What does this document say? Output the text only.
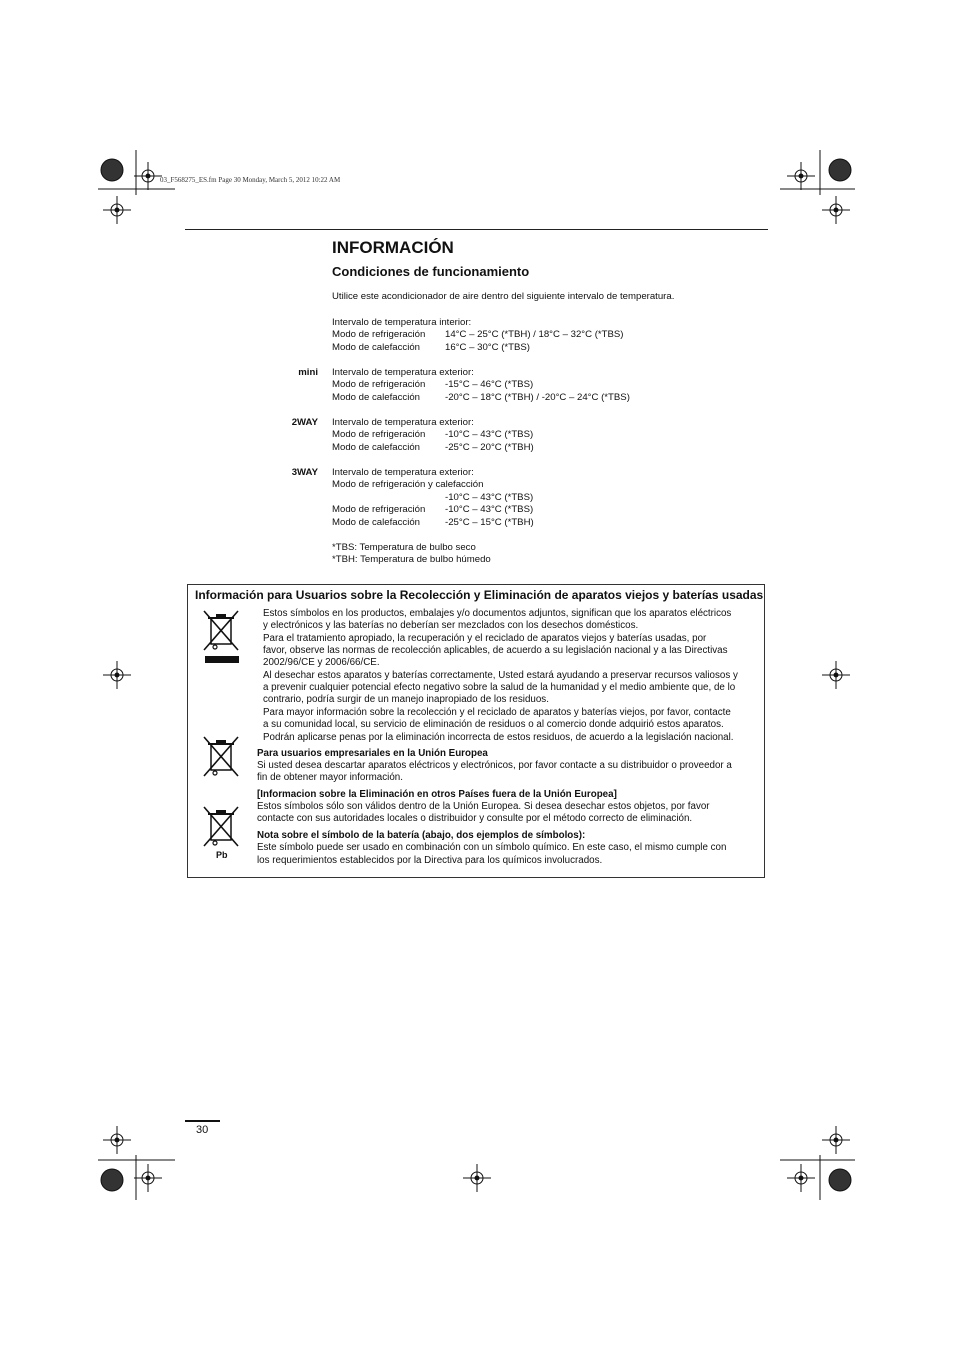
03_F568275_ES.fm Page 30 Monday, March 5, 2012 10:22 AM
INFORMACIÓN
Condiciones de funcionamiento
Utilice este acondicionador de aire dentro del siguiente intervalo de temperatura.
Intervalo de temperatura interior:
Modo de refrigeración 14°C – 25°C (*TBH) / 18°C – 32°C (*TBS)
Modo de calefacción	16°C – 30°C (*TBS)
mini Intervalo de temperatura exterior:
Modo de refrigeración -15°C – 46°C (*TBS)
Modo de calefacción	-20°C – 18°C (*TBH) / -20°C – 24°C (*TBS)
2WAY Intervalo de temperatura exterior:
Modo de refrigeración -10°C – 43°C (*TBS)
Modo de calefacción	-25°C – 20°C (*TBH)
3WAY Intervalo de temperatura exterior:
Modo de refrigeración y calefacción
-10°C – 43°C (*TBS)
Modo de refrigeración -10°C – 43°C (*TBS)
Modo de calefacción	-25°C – 15°C (*TBH)
*TBS: Temperatura de bulbo seco
*TBH: Temperatura de bulbo húmedo
Información para Usuarios sobre la Recolección y Eliminación de aparatos viejos y baterías usadas
Pb
Estos símbolos en los productos, embalajes y/o documentos adjuntos, significan que los aparatos eléctricos
y electrónicos y las baterías no deberían ser mezclados con los desechos domésticos.
Para el tratamiento apropiado, la recuperación y el reciclado de aparatos viejos y baterías usadas, por
favor, observe las normas de recolección aplicables, de acuerdo a su legislación nacional y a las Directivas
2002/96/CE y 2006/66/CE.
Al desechar estos aparatos y baterías correctamente, Usted estará ayudando a preservar recursos valiosos y
a prevenir cualquier potencial efecto negativo sobre la salud de la humanidad y el medio ambiente que, de lo
contrario, podría surgir de un manejo inapropiado de los residuos.
Para mayor información sobre la recolección y el reciclado de aparatos y baterías viejos, por favor, contacte
a su comunidad local, su servicio de eliminación de residuos o al comercio donde adquirió estos aparatos.
Podrán aplicarse penas por la eliminación incorrecta de estos residuos, de acuerdo a la legislación nacional.
Para usuarios empresariales en la Unión Europea
Si usted desea descartar aparatos eléctricos y electrónicos, por favor contacte a su distribuidor o proveedor a
fin de obtener mayor información.
[Informacion sobre la Eliminación en otros Países fuera de la Unión Europea]
Estos símbolos sólo son válidos dentro de la Unión Europea. Si desea desechar estos objetos, por favor
contacte con sus autoridades locales o distribuidor y consulte por el método correcto de eliminación.
Nota sobre el símbolo de la batería (abajo, dos ejemplos de símbolos):
Este símbolo puede ser usado en combinación con un símbolo químico. En este caso, el mismo cumple con
los requerimientos establecidos por la Directiva para los químicos involucrados.
30
